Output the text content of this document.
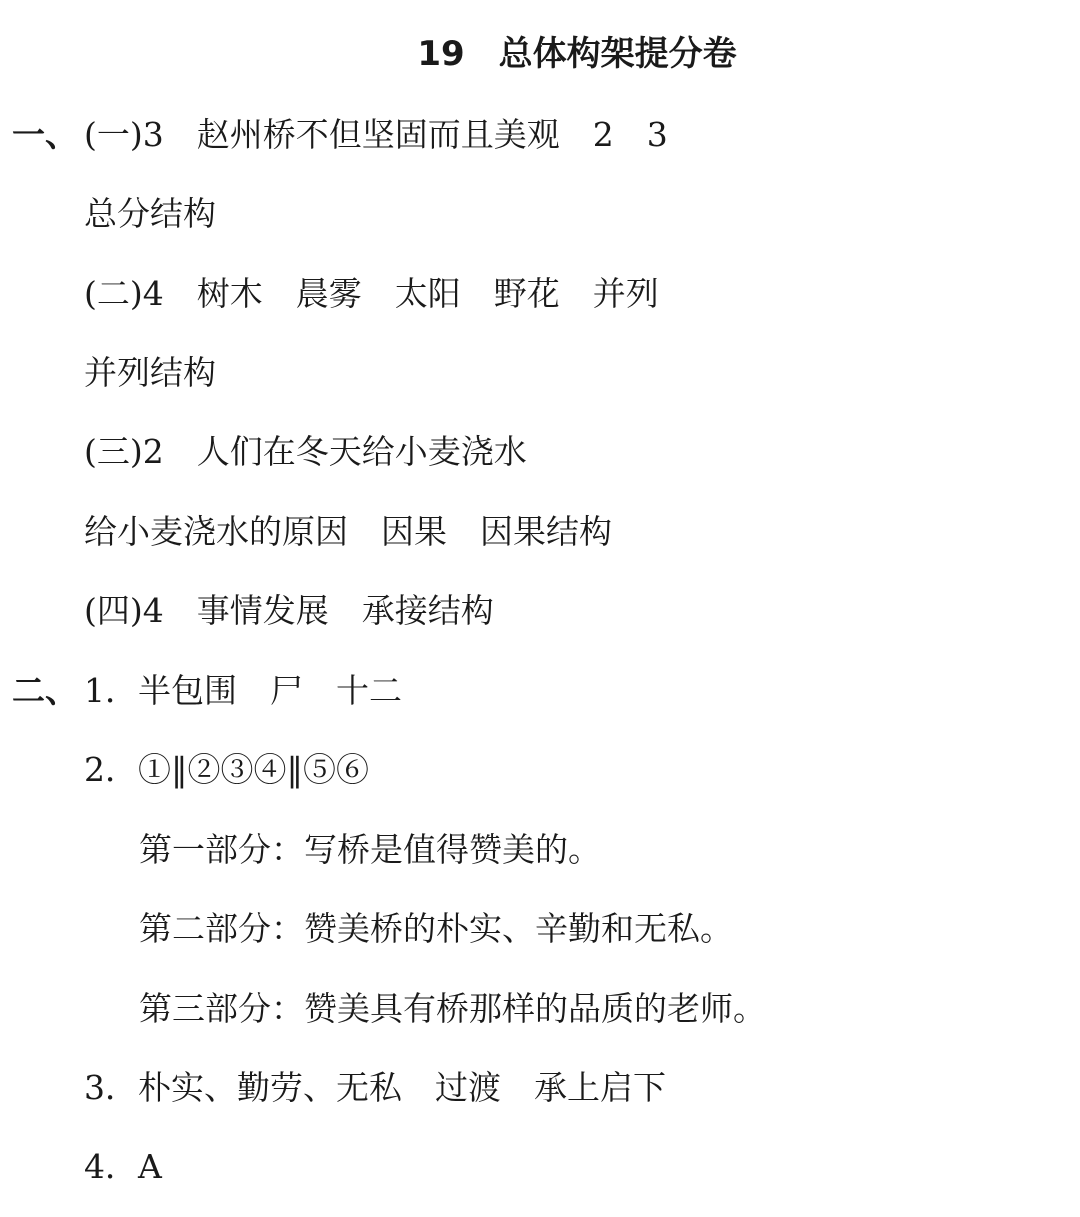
19　总体构架提分卷
一、 (一)3　赵州桥不但坚固而且美观　2　3
总分结构
(二)4　树木　晨雾　太阳　野花　并列
并列结构
(三)2　人们在冬天给小麦浇水
给小麦浇水的原因　因果　因果结构
(四)4　事情发展　承接结构
二、 1．半包围　尸　十二
2．①‖②③④‖⑤⑥
第一部分：写桥是值得赞美的。
第二部分：赞美桥的朴实、辛勤和无私。
第三部分：赞美具有桥那样的品质的老师。
3．朴实、勤劳、无私　过渡　承上启下
4．A
